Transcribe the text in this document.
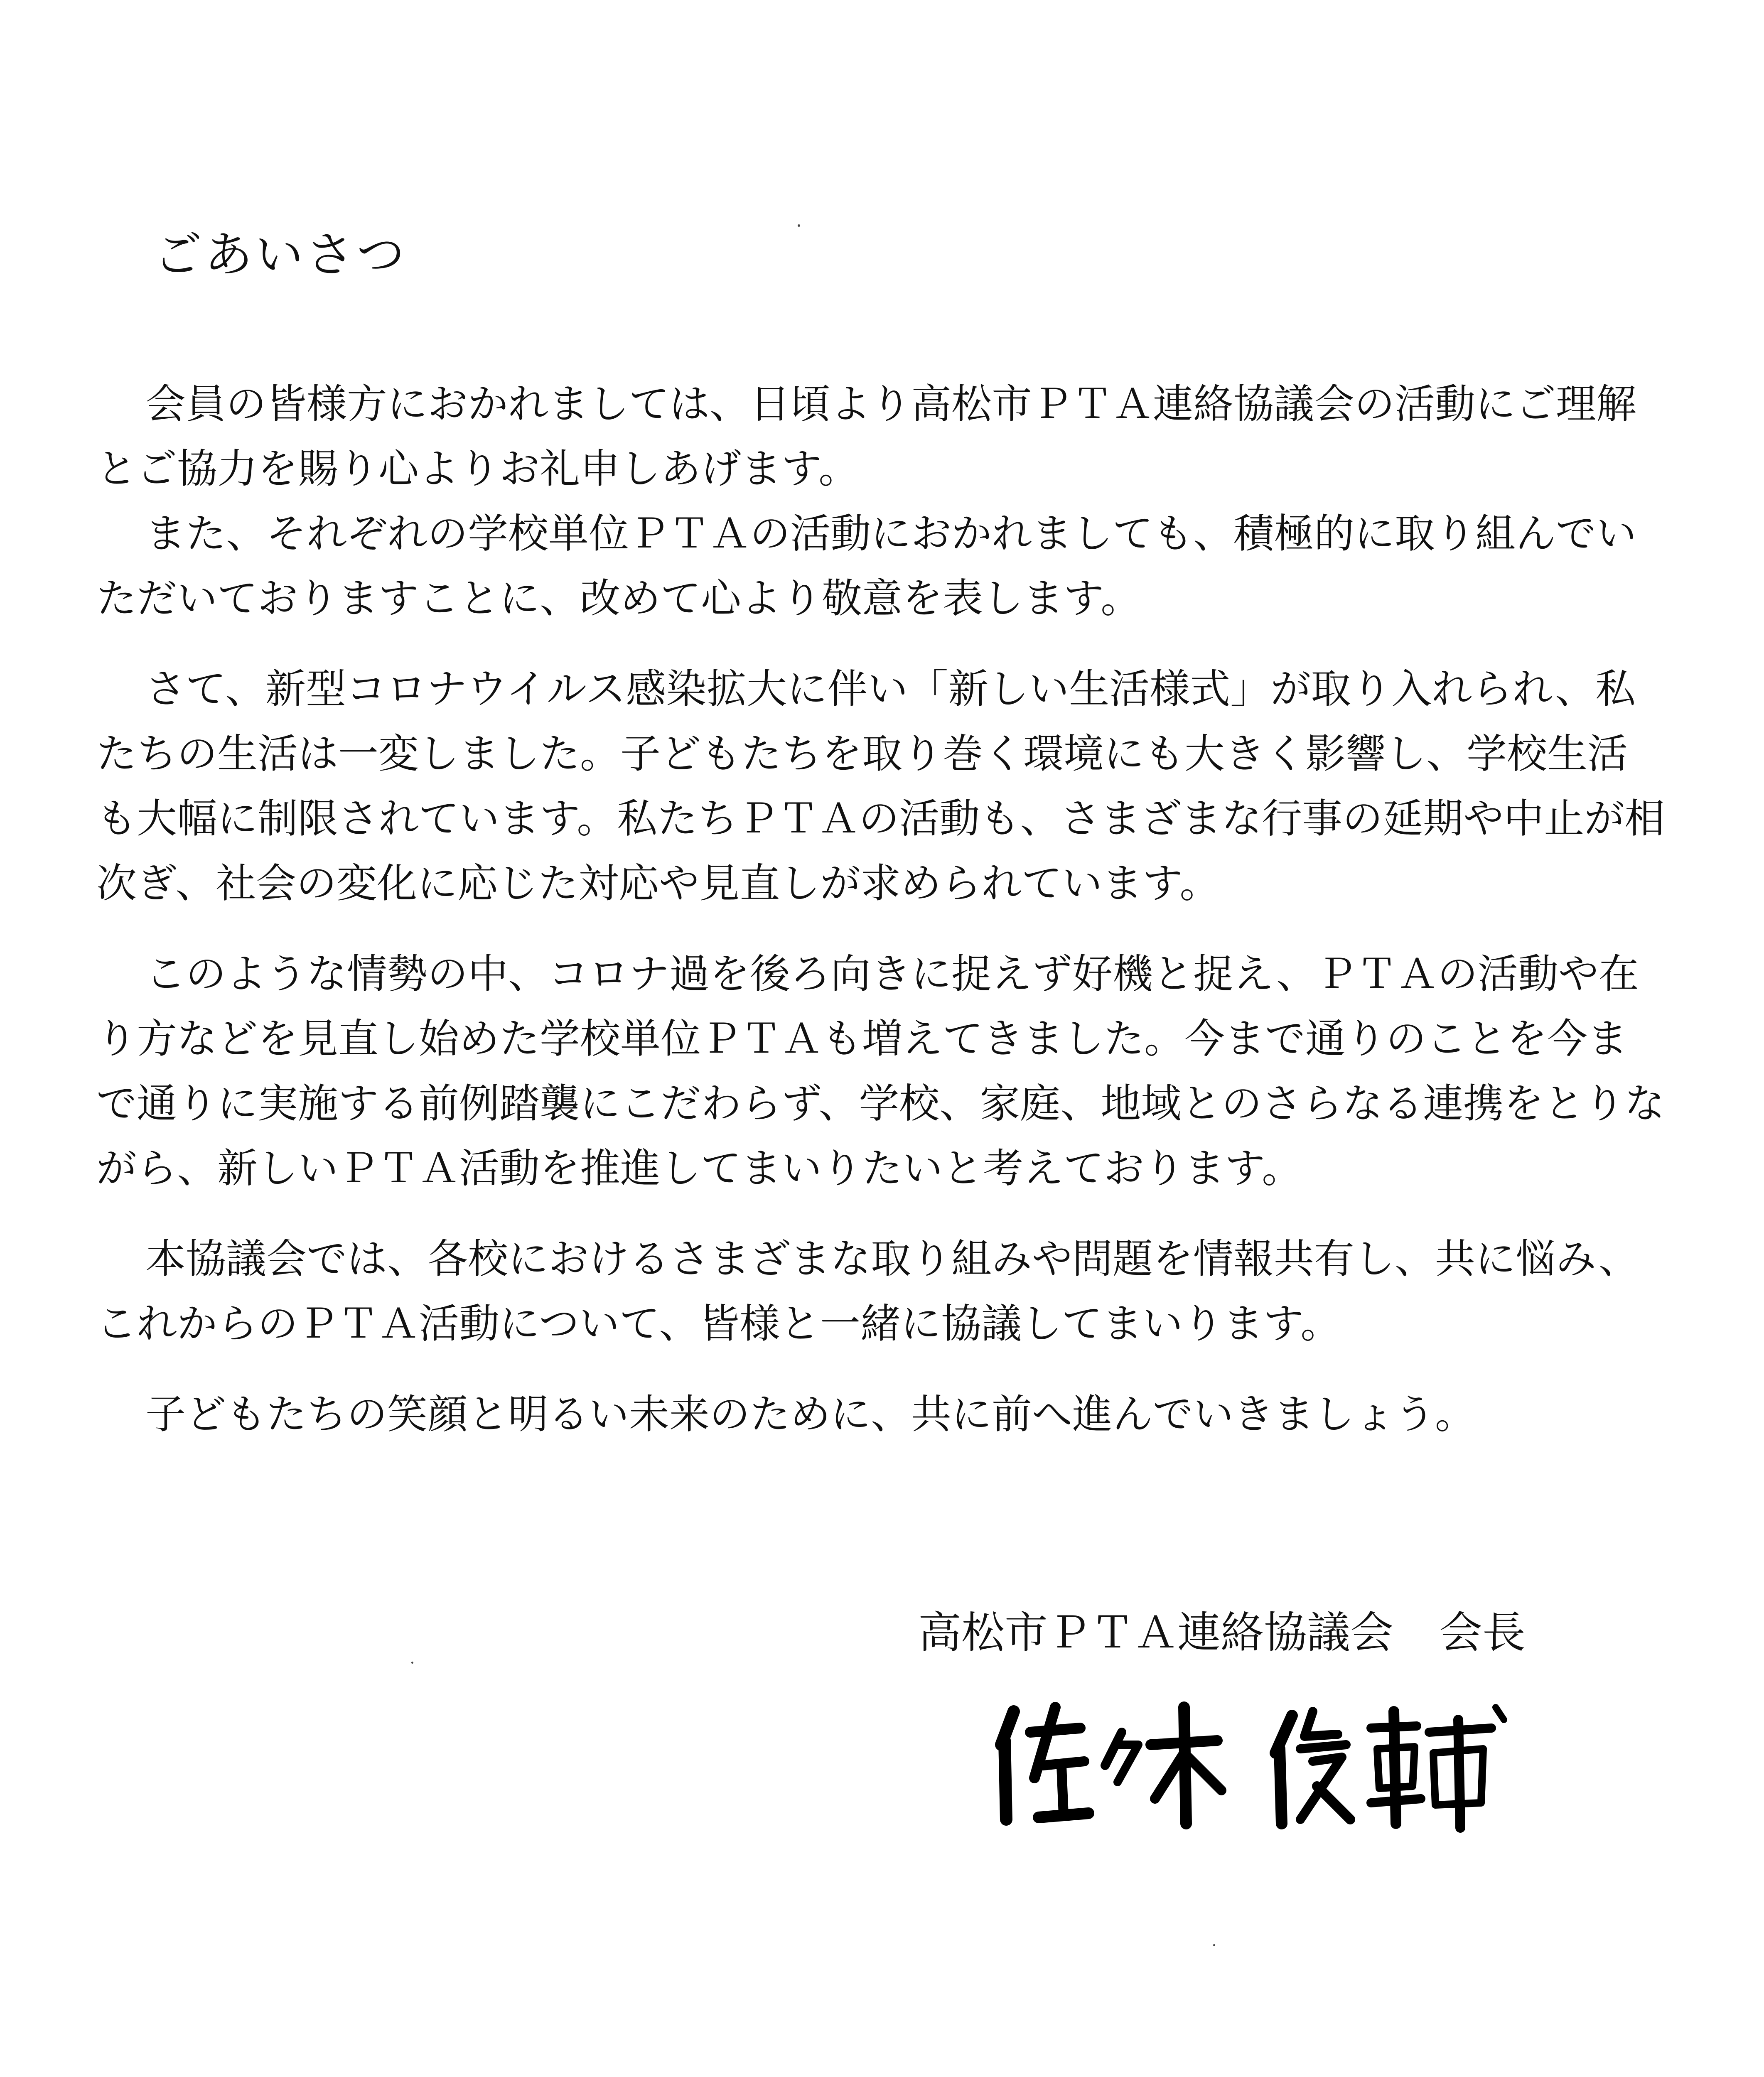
ごあいさつ

会員の皆様方におかれましては、日頃より高松市ＰＴＡ連絡協議会の活動にご理解とご協力を賜り心よりお礼申しあげます。

また、それぞれの学校単位ＰＴＡの活動におかれましても、積極的に取り組んでいただいておりますことに、改めて心より敬意を表します。

さて、新型コロナウイルス感染拡大に伴い「新しい生活様式」が取り入れられ、私たちの生活は一変しました。子どもたちを取り巻く環境にも大きく影響し、学校生活も大幅に制限されています。私たちＰＴＡの活動も、さまざまな行事の延期や中止が相次ぎ、社会の変化に応じた対応や見直しが求められています。

このような情勢の中、コロナ過を後ろ向きに捉えず好機と捉え、ＰＴＡの活動や在り方などを見直し始めた学校単位ＰＴＡも増えてきました。今まで通りのことを今まで通りに実施する前例踏襲にこだわらず、学校、家庭、地域とのさらなる連携をとりながら、新しいＰＴＡ活動を推進してまいりたいと考えております。

本協議会では、各校におけるさまざまな取り組みや問題を情報共有し、共に悩み、これからのＰＴＡ活動について、皆様と一緒に協議してまいります。

子どもたちの笑顔と明るい未来のために、共に前へ進んでいきましょう。

高松市ＰＴＡ連絡協議会 会長
